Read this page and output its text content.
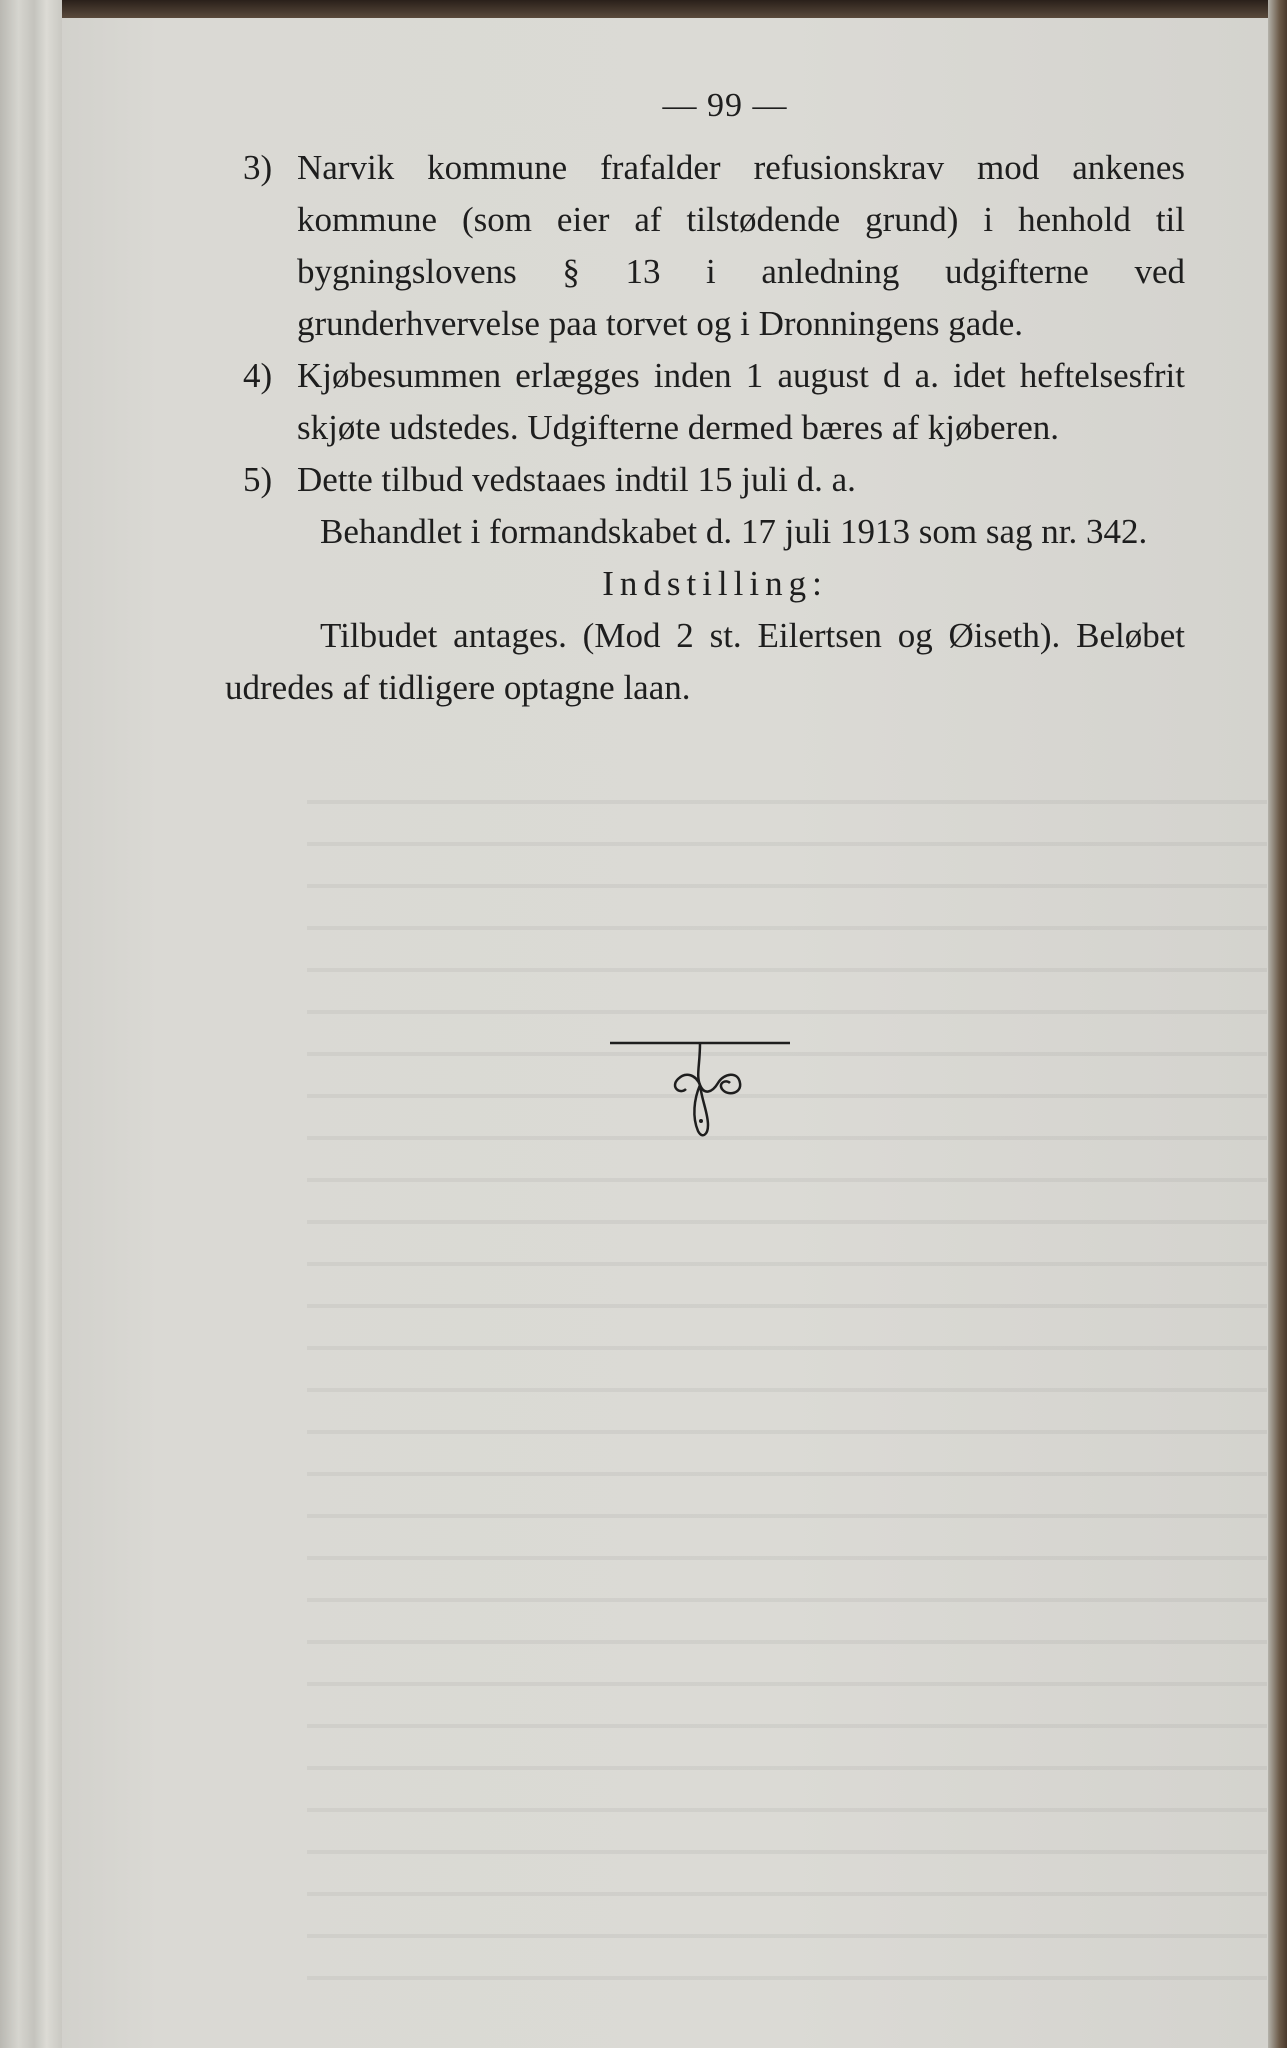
— 99 —
3) Narvik kommune frafalder refusionskrav mod ankenes kommune (som eier af tilstødende grund) i henhold til bygningslovens § 13 i anledning udgifterne ved grunderhvervelse paa torvet og i Dronningens gade.
4) Kjøbesummen erlægges inden 1 august d a. idet heftelsesfrit skjøte udstedes. Udgifterne dermed bæres af kjøberen.
5) Dette tilbud vedstaaes indtil 15 juli d. a.
Behandlet i formandskabet d. 17 juli 1913 som sag nr. 342.
Indstilling:
Tilbudet antages. (Mod 2 st. Eilertsen og Øiseth). Beløbet udredes af tidligere optagne laan.
